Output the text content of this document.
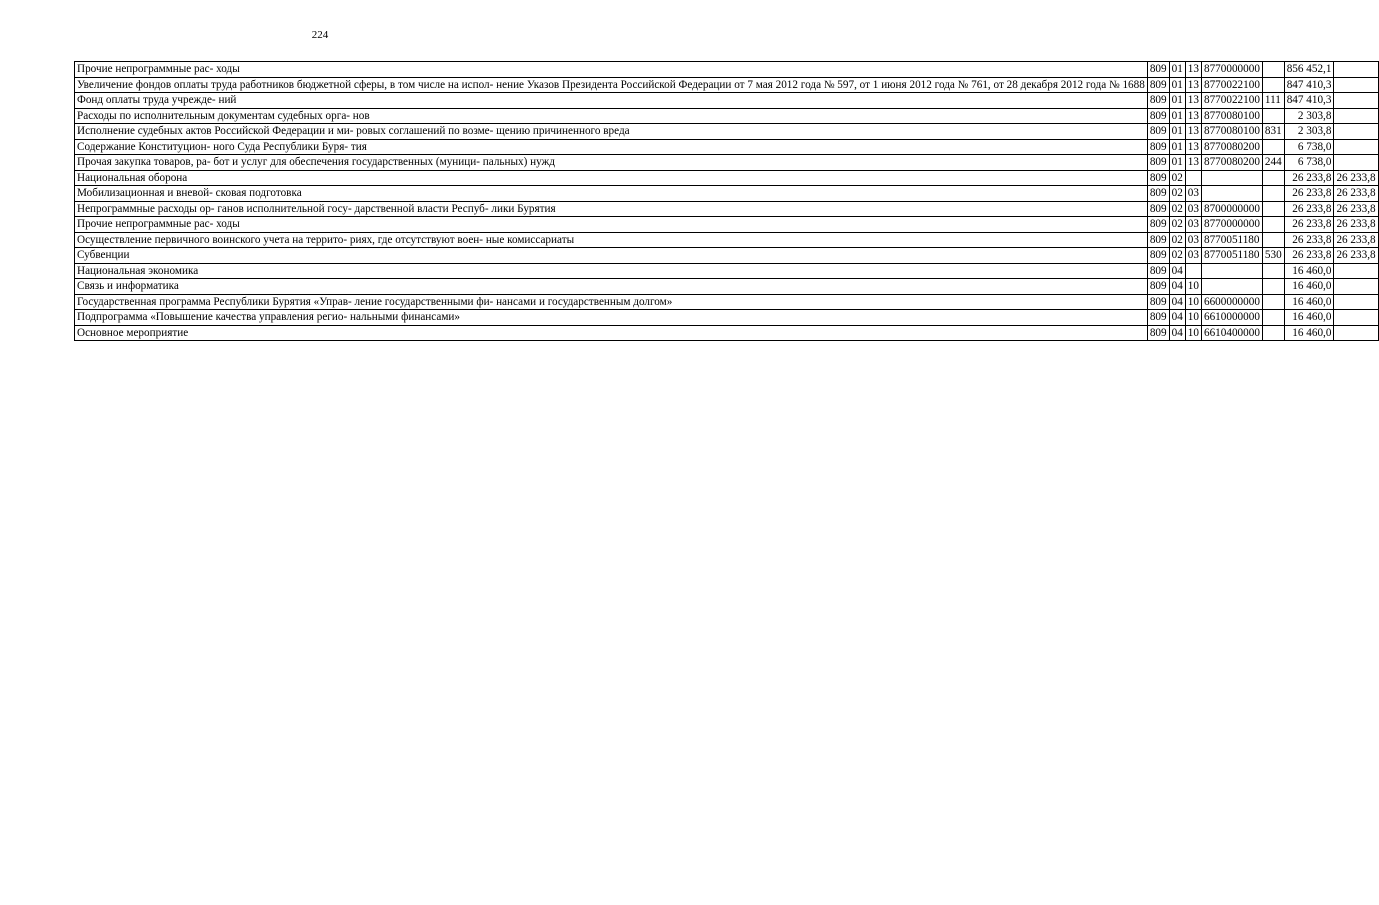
224
Прочие непрограммные рас- ходы	809	01	13	8770000000		856 452,1	
Увеличение фондов оплаты труда работников бюджетной сферы, в том числе на испол- нение Указов Президента Российской Федерации от 7 мая 2012 года № 597, от 1 июня 2012 года № 761, от 28 декабря 2012 года № 1688	809	01	13	8770022100		847 410,3	
Фонд оплаты труда учрежде- ний	809	01	13	8770022100	111	847 410,3	
Расходы по исполнительным документам судебных орга- нов	809	01	13	8770080100		2 303,8	
Исполнение судебных актов Российской Федерации и ми- ровых соглашений по возме- щению причиненного вреда	809	01	13	8770080100	831	2 303,8	
Содержание Конституцион- ного Суда Республики Буря- тия	809	01	13	8770080200		6 738,0	
Прочая закупка товаров, ра- бот и услуг для обеспечения государственных (муници- пальных) нужд	809	01	13	8770080200	244	6 738,0	
Национальная оборона	809	02				26 233,8	26 233,8
Мобилизационная и вневой- сковая подготовка	809	02	03			26 233,8	26 233,8
Непрограммные расходы ор- ганов исполнительной госу- дарственной власти Респуб- лики Бурятия	809	02	03	8700000000		26 233,8	26 233,8
Прочие непрограммные рас- ходы	809	02	03	8770000000		26 233,8	26 233,8
Осуществление первичного воинского учета на террито- риях, где отсутствуют воен- ные комиссариаты	809	02	03	8770051180		26 233,8	26 233,8
Субвенции	809	02	03	8770051180	530	26 233,8	26 233,8
Национальная экономика	809	04				16 460,0	
Связь и информатика	809	04	10			16 460,0	
Государственная программа Республики Бурятия «Управ- ление государственными фи- нансами и государственным долгом»	809	04	10	6600000000		16 460,0	
Подпрограмма «Повышение качества управления регио- нальными финансами»	809	04	10	6610000000		16 460,0	
Основное мероприятие	809	04	10	6610400000		16 460,0	
